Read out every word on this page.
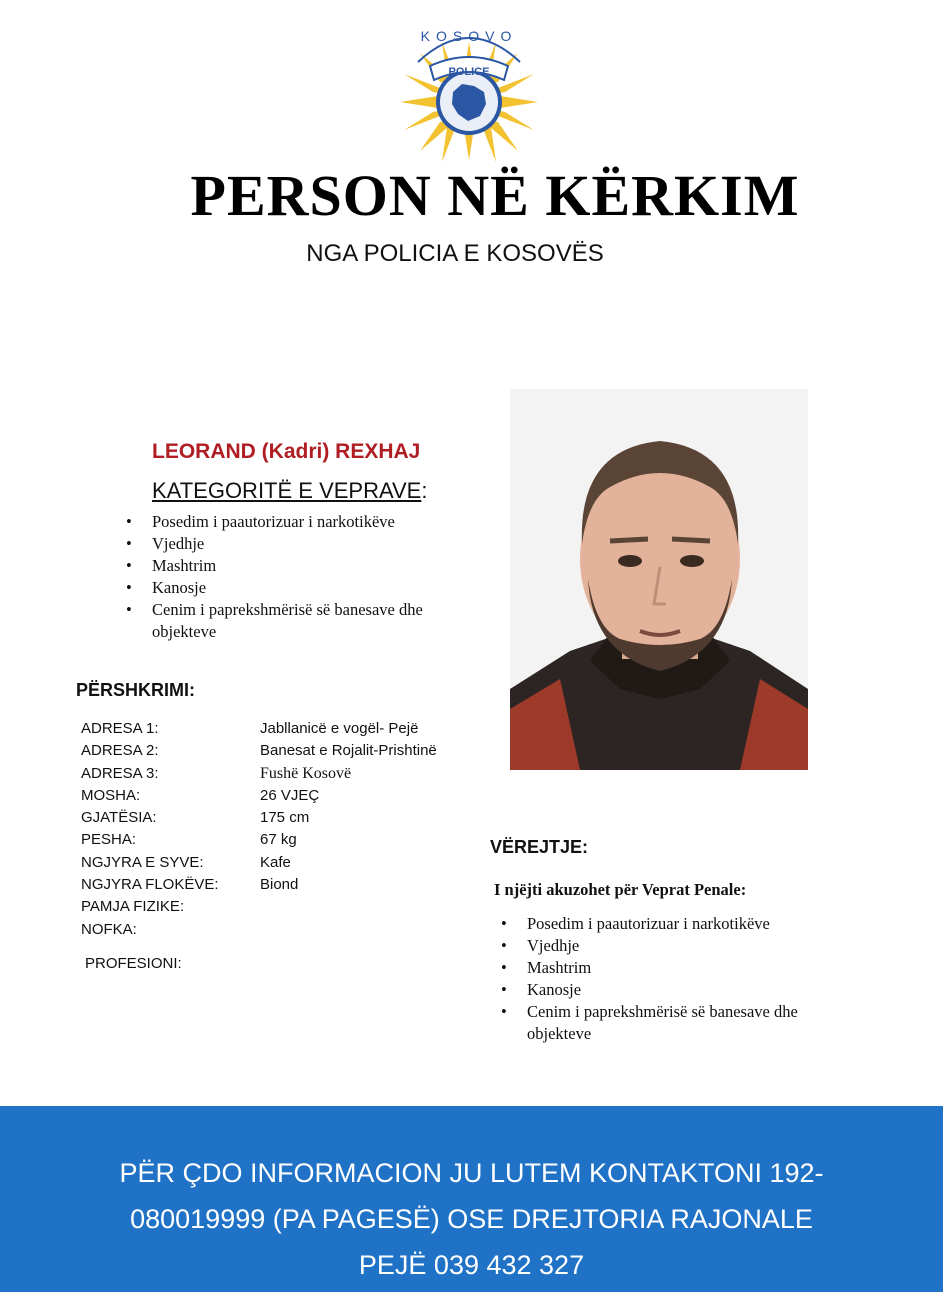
POLICE
KOSOVO
PERSON NË KËRKIM
NGA POLICIA E KOSOVËS
LEORAND (Kadri) REXHAJ
KATEGORITË E VEPRAVE:
• Posedim i paautorizuar i narkotikëve
• Vjedhje
• Mashtrim
• Kanosje
• Cenim i paprekshmërisë së banesave dhe objekteve
PËRSHKRIMI:
ADRESA 1:	Jabllanicë e vogël- Pejë
ADRESA 2:	Banesat e Rojalit-Prishtinë
ADRESA 3:	Fushë Kosovë
MOSHA:	26 VJEÇ
GJATËSIA:	175 cm
PESHA:	67 kg
NGJYRA E SYVE:	Kafe
NGJYRA FLOKËVE:	Biond
PAMJA FIZIKE:
NOFKA:
PROFESIONI:
VËREJTJE:
I njëjti akuzohet për Veprat Penale:
• Posedim i paautorizuar i narkotikëve
• Vjedhje
• Mashtrim
• Kanosje
• Cenim i paprekshmërisë së banesave dhe objekteve
PËR ÇDO INFORMACION JU LUTEM KONTAKTONI 192-
080019999 (PA PAGESË) OSE DREJTORIA RAJONALE
PEJË 039 432 327
